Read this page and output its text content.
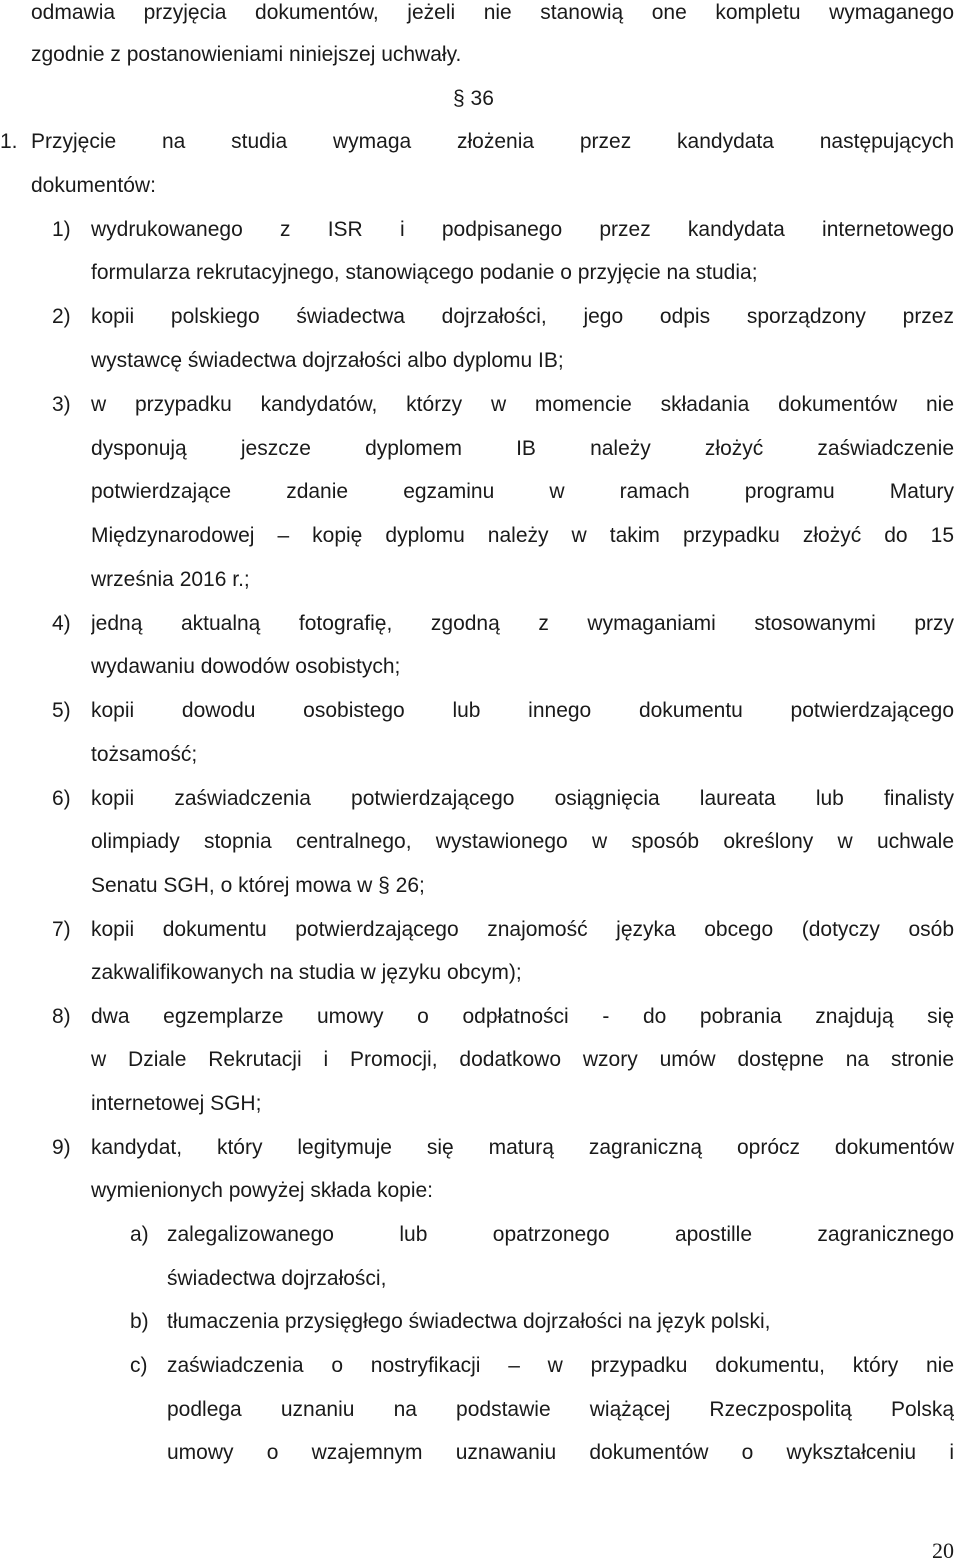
odmawia przyjęcia dokumentów, jeżeli nie stanowią one kompletu wymaganego
zgodnie z postanowieniami niniejszej uchwały.
§ 36
1. Przyjęcie na studia wymaga złożenia przez kandydata następujących
dokumentów:
1) wydrukowanego z ISR i podpisanego przez kandydata internetowego
formularza rekrutacyjnego, stanowiącego podanie o przyjęcie na studia;
2) kopii polskiego świadectwa dojrzałości, jego odpis sporządzony przez
wystawcę świadectwa dojrzałości albo dyplomu IB;
3) w przypadku kandydatów, którzy w momencie składania dokumentów nie
dysponują jeszcze dyplomem IB należy złożyć zaświadczenie
potwierdzające zdanie egzaminu w ramach programu Matury
Międzynarodowej – kopię dyplomu należy w takim przypadku złożyć do 15
września 2016 r.;
4) jedną aktualną fotografię, zgodną z wymaganiami stosowanymi przy
wydawaniu dowodów osobistych;
5) kopii dowodu osobistego lub innego dokumentu potwierdzającego
tożsamość;
6) kopii zaświadczenia potwierdzającego osiągnięcia laureata lub finalisty
olimpiady stopnia centralnego, wystawionego w sposób określony w uchwale
Senatu SGH, o której mowa w § 26;
7) kopii dokumentu potwierdzającego znajomość języka obcego (dotyczy osób
zakwalifikowanych na studia w języku obcym);
8) dwa egzemplarze umowy o odpłatności - do pobrania znajdują się
w Dziale Rekrutacji i Promocji, dodatkowo wzory umów dostępne na stronie
internetowej SGH;
9) kandydat, który legitymuje się maturą zagraniczną oprócz dokumentów
wymienionych powyżej składa kopie:
a) zalegalizowanego lub opatrzonego apostille zagranicznego
świadectwa dojrzałości,
b) tłumaczenia przysięgłego świadectwa dojrzałości na język polski,
c) zaświadczenia o nostryfikacji – w przypadku dokumentu, który nie
podlega uznaniu na podstawie wiążącej Rzeczpospolitą Polską
umowy o wzajemnym uznawaniu dokumentów o wykształceniu i
20
